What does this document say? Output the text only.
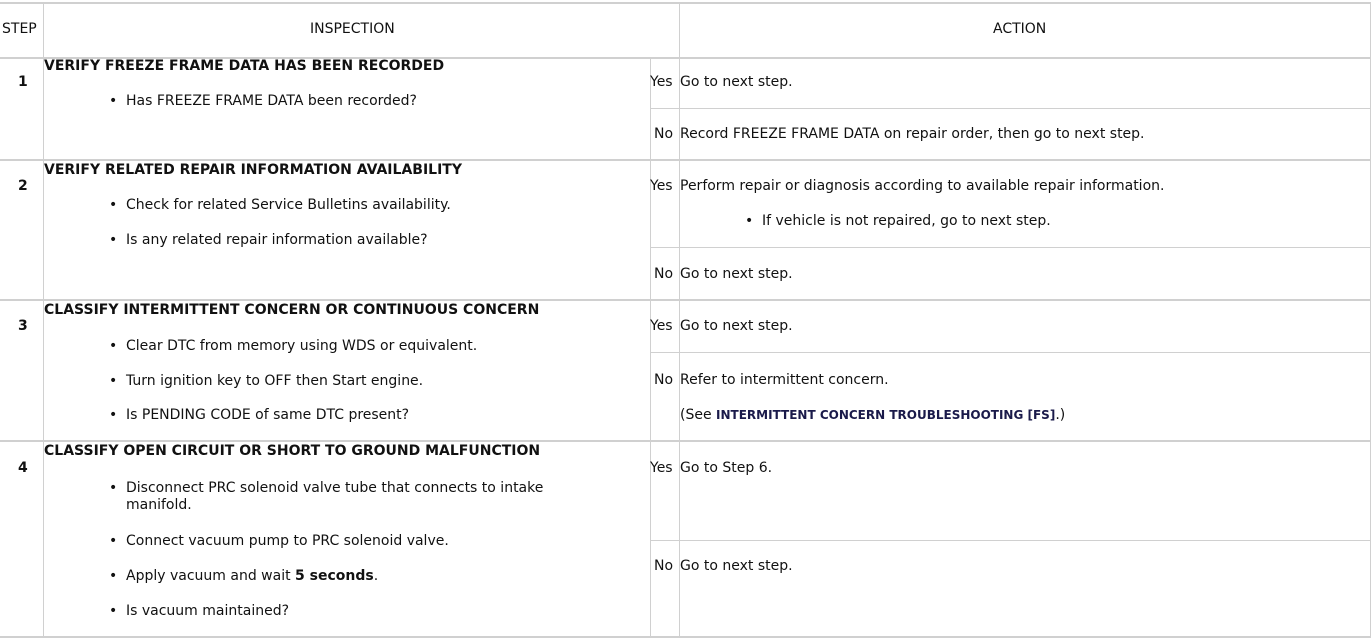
STEP	INSPECTION	ACTION
1
VERIFY FREEZE FRAME DATA HAS BEEN RECORDED
• Has FREEZE FRAME DATA been recorded?
Yes Go to next step.
No Record FREEZE FRAME DATA on repair order, then go to next step.
2
VERIFY RELATED REPAIR INFORMATION AVAILABILITY
• Check for related Service Bulletins availability.
• Is any related repair information available?
Yes Perform repair or diagnosis according to available repair information.
• If vehicle is not repaired, go to next step.
No Go to next step.
3
CLASSIFY INTERMITTENT CONCERN OR CONTINUOUS CONCERN
• Clear DTC from memory using WDS or equivalent.
• Turn ignition key to OFF then Start engine.
• Is PENDING CODE of same DTC present?
Yes Go to next step.
No Refer to intermittent concern.
(See INTERMITTENT CONCERN TROUBLESHOOTING [FS].)
4
CLASSIFY OPEN CIRCUIT OR SHORT TO GROUND MALFUNCTION
• Disconnect PRC solenoid valve tube that connects to intake
manifold.
• Connect vacuum pump to PRC solenoid valve.
• Apply vacuum and wait 5 seconds.
• Is vacuum maintained?
Yes Go to Step 6.
No Go to next step.
